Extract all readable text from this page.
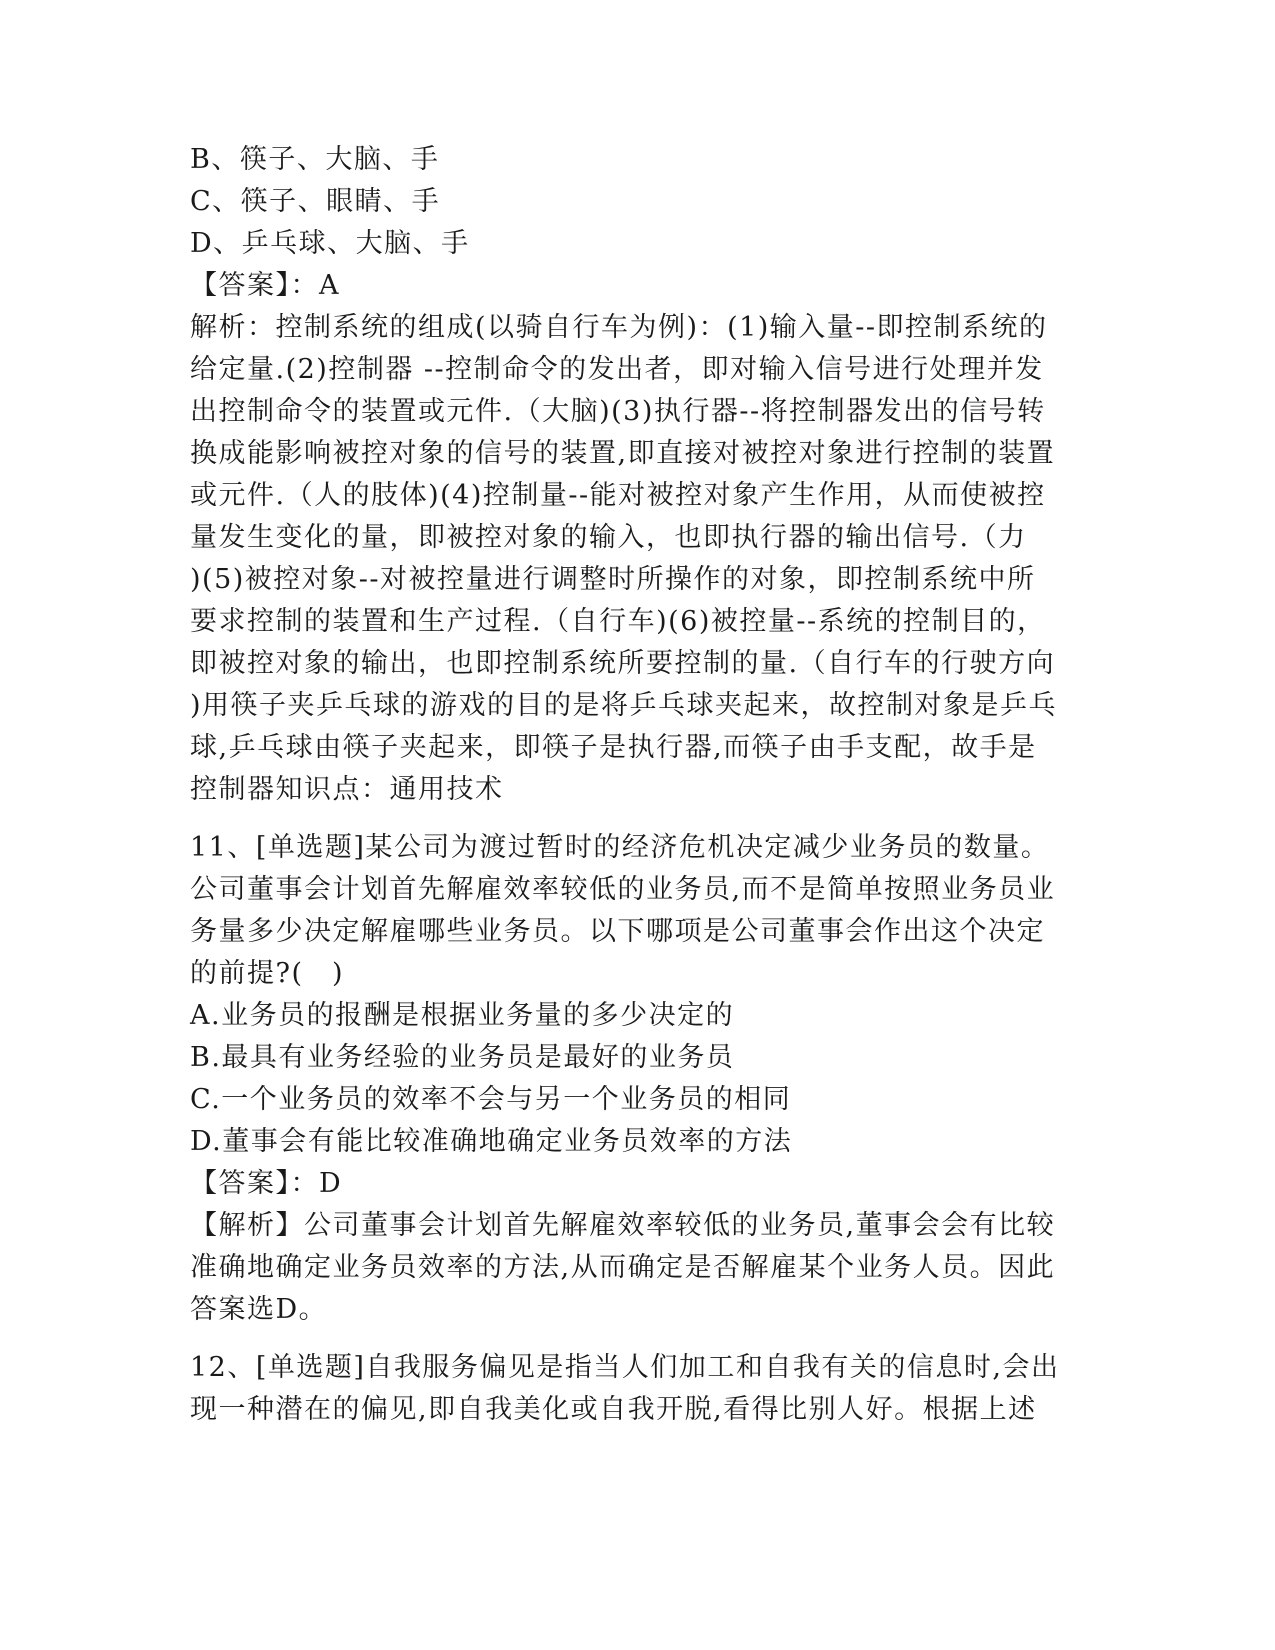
B、筷子、大脑、手
C、筷子、眼睛、手
D、乒乓球、大脑、手
【答案】：A
解析：控制系统的组成(以骑自行车为例)：(1)输入量--即控制系统的
给定量.(2)控制器 --控制命令的发出者，即对输入信号进行处理并发
出控制命令的装置或元件.（大脑)(3)执行器--将控制器发出的信号转
换成能影响被控对象的信号的装置,即直接对被控对象进行控制的装置
或元件.（人的肢体)(4)控制量--能对被控对象产生作用，从而使被控
量发生变化的量，即被控对象的输入，也即执行器的输出信号.（力
)(5)被控对象--对被控量进行调整时所操作的对象，即控制系统中所
要求控制的装置和生产过程.（自行车)(6)被控量--系统的控制目的，
即被控对象的输出，也即控制系统所要控制的量.（自行车的行驶方向
)用筷子夹乒乓球的游戏的目的是将乒乓球夹起来，故控制对象是乒乓
球,乒乓球由筷子夹起来，即筷子是执行器,而筷子由手支配，故手是
控制器知识点：通用技术
11、[单选题]某公司为渡过暂时的经济危机决定减少业务员的数量。
公司董事会计划首先解雇效率较低的业务员,而不是简单按照业务员业
务量多少决定解雇哪些业务员。以下哪项是公司董事会作出这个决定
的前提?(　)
A.业务员的报酬是根据业务量的多少决定的
B.最具有业务经验的业务员是最好的业务员
C.一个业务员的效率不会与另一个业务员的相同
D.董事会有能比较准确地确定业务员效率的方法
【答案】：D
【解析】公司董事会计划首先解雇效率较低的业务员,董事会会有比较
准确地确定业务员效率的方法,从而确定是否解雇某个业务人员。因此
答案选D。
12、[单选题]自我服务偏见是指当人们加工和自我有关的信息时,会出
现一种潜在的偏见,即自我美化或自我开脱,看得比别人好。根据上述
